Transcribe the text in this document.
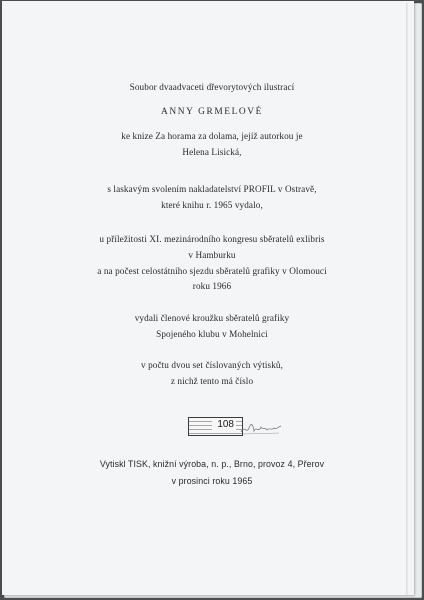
Soubor dvaadvaceti dřevorytových ilustrací
ANNY GRMELOVÉ
ke knize Za horama za dolama, jejíž autorkou je
Helena Lisická,
s laskavým svolením nakladatelství PROFIL v Ostravě,
které knihu r. 1965 vydalo,
u příležitosti XI. mezinárodního kongresu sběratelů exlibris
v Hamburku
a na počest celostátního sjezdu sběratelů grafiky v Olomouci
roku 1966
vydali členové kroužku sběratelů grafiky
Spojeného klubu v Mohelnici
v počtu dvou set číslovaných výtisků,
z nichž tento má číslo
108
Vytiskl TISK, knižní výroba, n. p., Brno, provoz 4, Přerov
v prosinci roku 1965
